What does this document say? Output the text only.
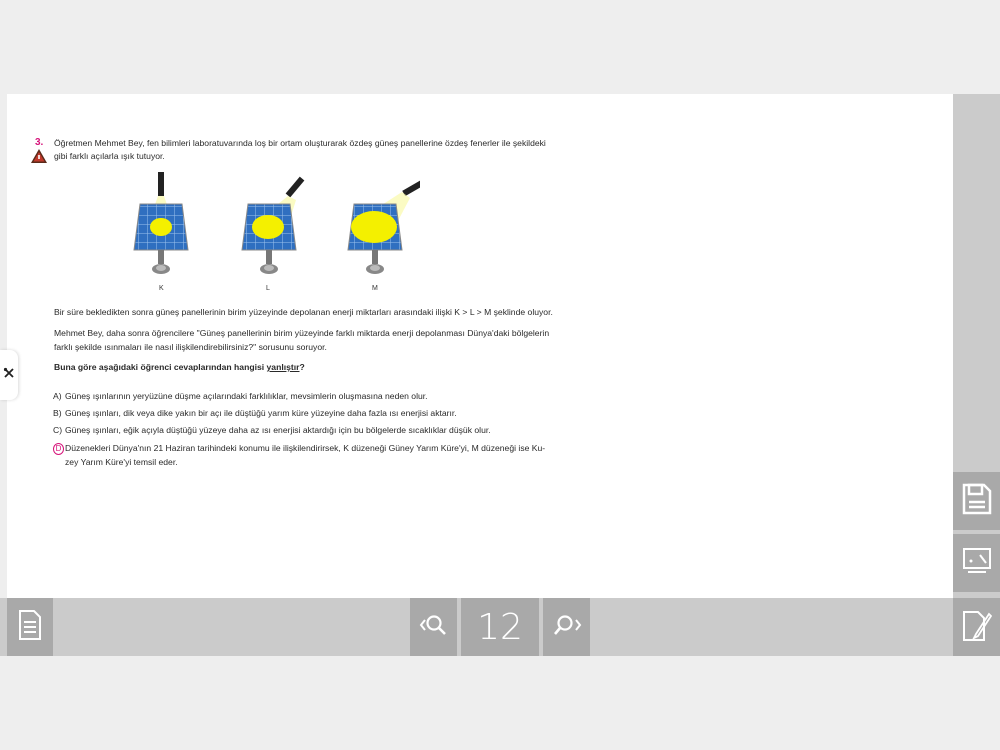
3. Öğretmen Mehmet Bey, fen bilimleri laboratuvarında loş bir ortam oluşturarak özdeş güneş panellerine özdeş fenerler ile şekildeki
gibi farklı açılarla ışık tutuyor.
K	L	M
Bir süre bekledikten sonra güneş panellerinin birim yüzeyinde depolanan enerji miktarları arasındaki ilişki K > L > M şeklinde oluyor.
Mehmet Bey, daha sonra öğrencilere "Güneş panellerinin birim yüzeyinde farklı miktarda enerji depolanması Dünya'daki bölgelerin
farklı şekilde ısınmaları ile nasıl ilişkilendirebilirsiniz?" sorusunu soruyor.
Buna göre aşağıdaki öğrenci cevaplarından hangisi yanlıştır?
A) Güneş ışınlarının yeryüzüne düşme açılarındaki farklılıklar, mevsimlerin oluşmasına neden olur.
B) Güneş ışınları, dik veya dike yakın bir açı ile düştüğü yarım küre yüzeyine daha fazla ısı enerjisi aktarır.
C) Güneş ışınları, eğik açıyla düştüğü yüzeye daha az ısı enerjisi aktardığı için bu bölgelerde sıcaklıklar düşük olur.
D Düzenekleri Dünya'nın 21 Haziran tarihindeki konumu ile ilişkilendirirsek, K düzeneği Güney Yarım Küre'yi, M düzeneği ise Ku-
zey Yarım Küre'yi temsil eder.
12
